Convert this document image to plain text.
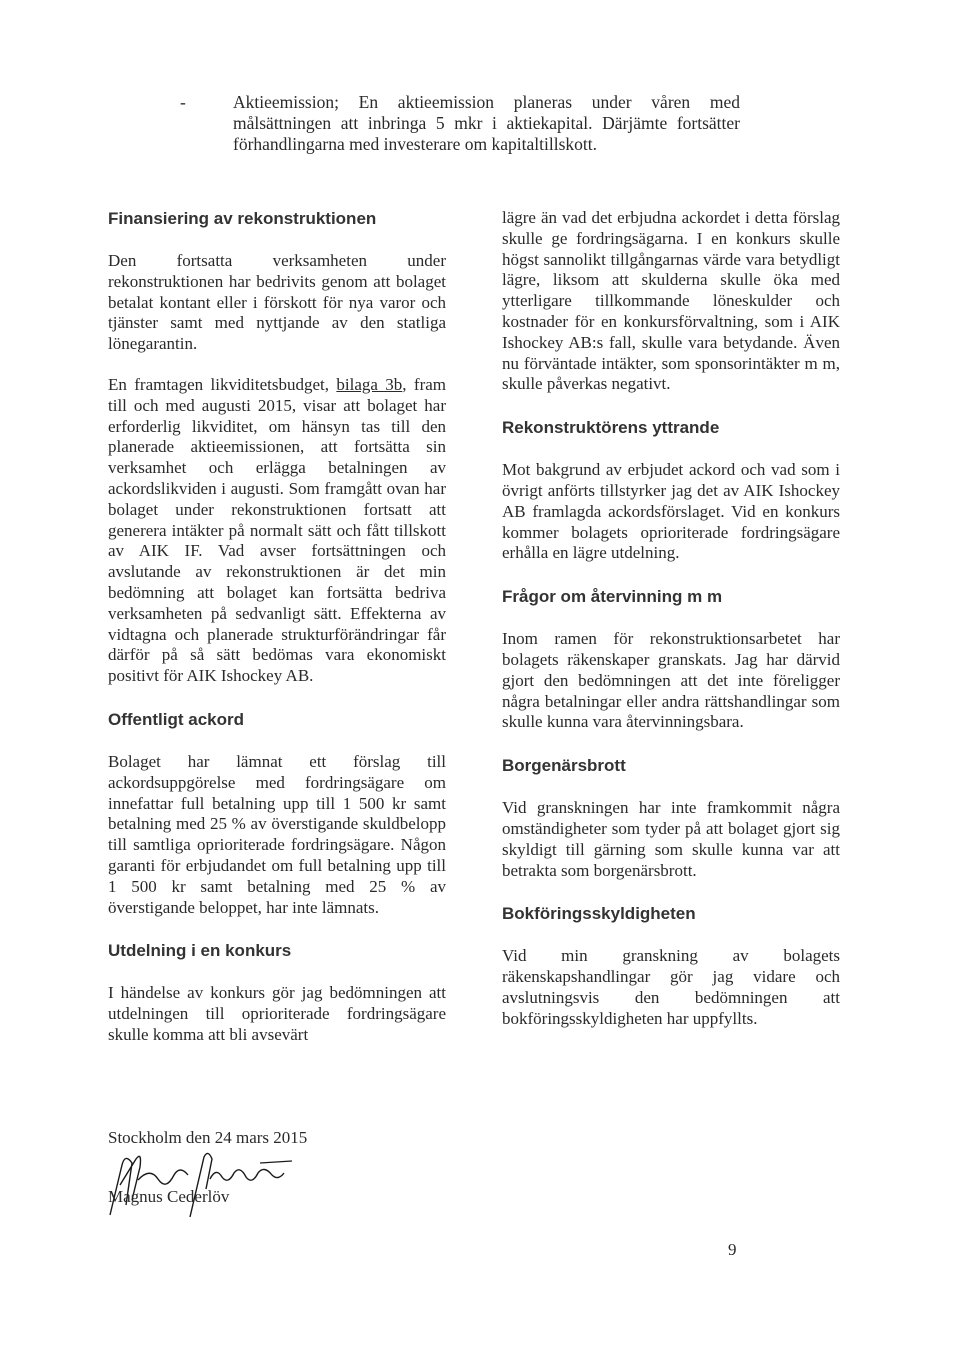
-	Aktieemission; En aktieemission planeras under våren med målsättningen att inbringa 5 mkr i aktiekapital. Därjämte fortsätter förhandlingarna med investerare om kapitaltillskott.
Finansiering av rekonstruktionen

Den fortsatta verksamheten under rekonstruktionen har bedrivits genom att bolaget betalat kontant eller i förskott för nya varor och tjänster samt med nyttjande av den statliga lönegarantin.

En framtagen likviditetsbudget, bilaga 3b, fram till och med augusti 2015, visar att bolaget har erforderlig likviditet, om hänsyn tas till den planerade aktieemissionen, att fortsätta sin verksamhet och erlägga betalningen av ackordslikviden i augusti. Som framgått ovan har bolaget under rekonstruktionen fortsatt att generera intäkter på normalt sätt och fått tillskott av AIK IF. Vad avser fortsättningen och avslutande av rekonstruktionen är det min bedömning att bolaget kan fortsätta bedriva verksamheten på sedvanligt sätt. Effekterna av vidtagna och planerade strukturförändringar får därför på så sätt bedömas vara ekonomiskt positivt för AIK Ishockey AB.

Offentligt ackord

Bolaget har lämnat ett förslag till ackordsuppgörelse med fordringsägare om innefattar full betalning upp till 1 500 kr samt betalning med 25 % av överstigande skuldbelopp till samtliga oprioriterade fordringsägare. Någon garanti för erbjudandet om full betalning upp till 1 500 kr samt betalning med 25 % av överstigande beloppet, har inte lämnats.

Utdelning i en konkurs

I händelse av konkurs gör jag bedömningen att utdelningen till oprioriterade fordringsägare skulle komma att bli avsevärt

lägre än vad det erbjudna ackordet i detta förslag skulle ge fordringsägarna. I en konkurs skulle högst sannolikt tillgångarnas värde vara betydligt lägre, liksom att skulderna skulle öka med ytterligare tillkommande löneskulder och kostnader för en konkursförvaltning, som i AIK Ishockey AB:s fall, skulle vara betydande. Även nu förväntade intäkter, som sponsorintäkter m m, skulle påverkas negativt.

Rekonstruktörens yttrande

Mot bakgrund av erbjudet ackord och vad som i övrigt anförts tillstyrker jag det av AIK Ishockey AB framlagda ackordsförslaget. Vid en konkurs kommer bolagets oprioriterade fordringsägare erhålla en lägre utdelning.

Frågor om återvinning m m

Inom ramen för rekonstruktionsarbetet har bolagets räkenskaper granskats. Jag har därvid gjort den bedömningen att det inte föreligger några betalningar eller andra rättshandlingar som skulle kunna vara återvinningsbara.

Borgenärsbrott

Vid granskningen har inte framkommit några omständigheter som tyder på att bolaget gjort sig skyldigt till gärning som skulle kunna var att betrakta som borgenärsbrott.

Bokföringsskyldigheten

Vid min granskning av bolagets räkenskapshandlingar gör jag vidare och avslutningsvis den bedömningen att bokföringsskyldigheten har uppfyllts.

Stockholm den 24 mars 2015
Magnus Cederlöv
9
